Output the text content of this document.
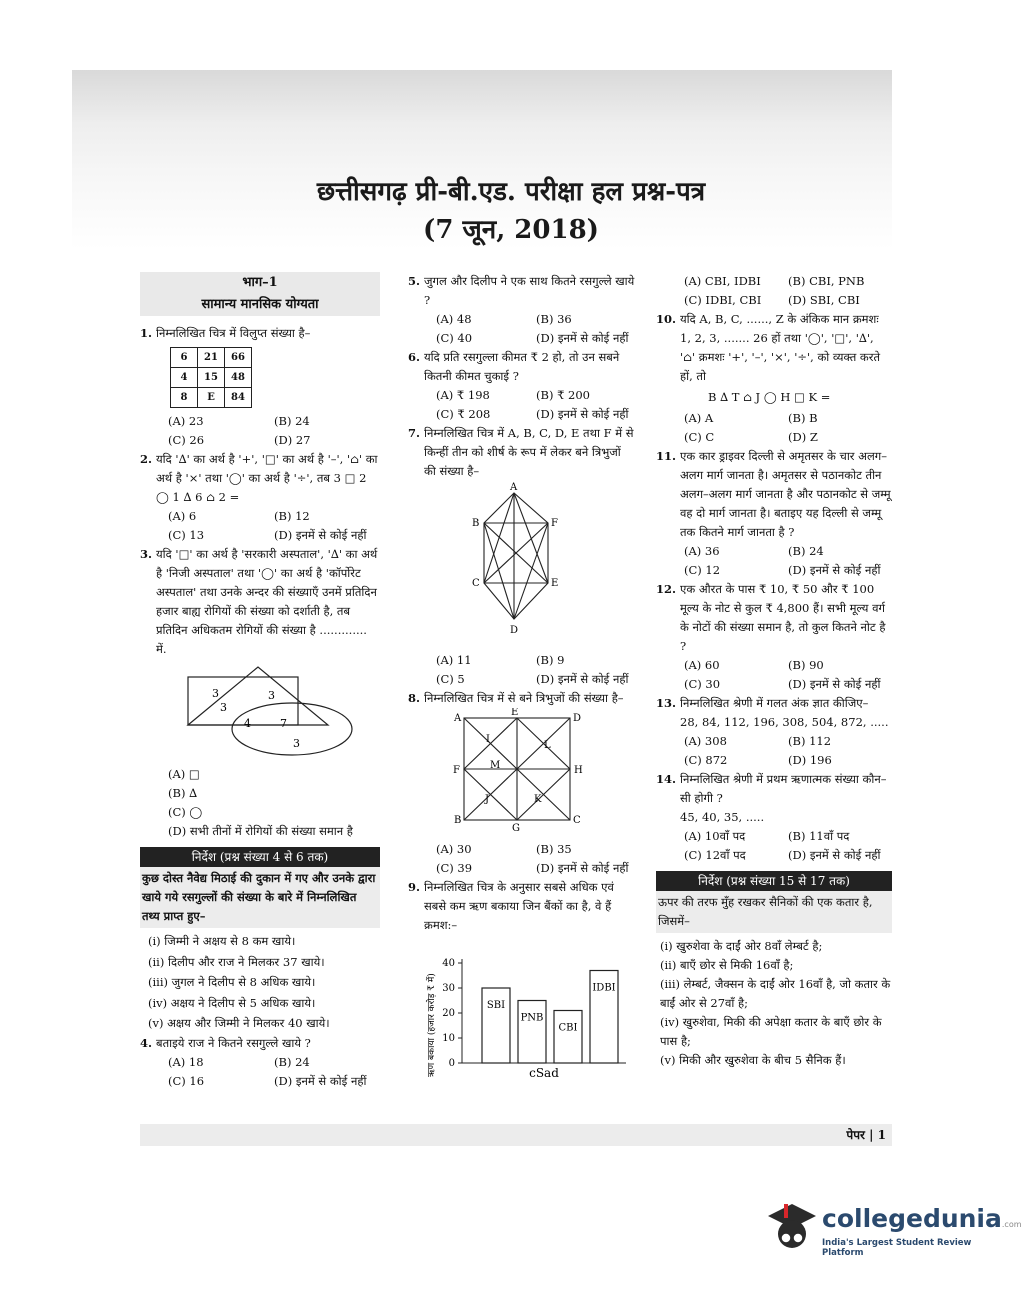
छत्तीसगढ़ प्री-बी.एड. परीक्षा हल प्रश्न-पत्र
(7 जून, 2018)
भाग–1
सामान्य मानसिक योग्यता
1. निम्नलिखित चित्र में विलुप्त संख्या है–
6	21	66
4	15	48
8	E	84
(A) 23	(B) 24
(C) 26	(D) 27
2. यदि '∆' का अर्थ है '+', '□' का अर्थ है '–', '⌂' का अर्थ है '×' तथा '◯' का अर्थ है '÷', तब 3 □ 2 ◯ 1 ∆ 6 ⌂ 2 =
(A) 6	(B) 12
(C) 13	(D) इनमें से कोई नहीं
3. यदि '□' का अर्थ है 'सरकारी अस्पताल', '∆' का अर्थ है 'निजी अस्पताल' तथा '◯' का अर्थ है 'कॉर्पोरेट अस्पताल' तथा उनके अन्दर की संख्याएँ उनमें प्रतिदिन हजार बाह्य रोगियों की संख्या को दर्शाती है, तब प्रतिदिन अधिकतम रोगियों की संख्या है ............. में.
3
3
3
4	7
3
(A) □
(B) ∆
(C) ◯
(D) सभी तीनों में रोगियों की संख्या समान है
निर्देश (प्रश्न संख्या 4 से 6 तक)
कुछ दोस्त नैवेद्य मिठाई की दुकान में गए और उनके द्वारा खाये गये रसगुल्लों की संख्या के बारे में निम्नलिखित तथ्य प्राप्त हुए–
(i) जिम्मी ने अक्षय से 8 कम खाये।
(ii) दिलीप और राज ने मिलकर 37 खाये।
(iii) जुगल ने दिलीप से 8 अधिक खाये।
(iv) अक्षय ने दिलीप से 5 अधिक खाये।
(v) अक्षय और जिम्मी ने मिलकर 40 खाये।
4. बताइये राज ने कितने रसगुल्ले खाये ?
(A) 18	(B) 24
(C) 16	(D) इनमें से कोई नहीं
5. जुगल और दिलीप ने एक साथ कितने रसगुल्ले खाये ?
(A) 48	(B) 36
(C) 40	(D) इनमें से कोई नहीं
6. यदि प्रति रसगुल्ला कीमत ₹ 2 हो, तो उन सबने कितनी कीमत चुकाई ?
(A) ₹ 198	(B) ₹ 200
(C) ₹ 208	(D) इनमें से कोई नहीं
7. निम्नलिखित चित्र में A, B, C, D, E तथा F में से किन्हीं तीन को शीर्ष के रूप में लेकर बने त्रिभुजों की संख्या है–
A
B	F
C	E
D
(A) 11	(B) 9
(C) 5	(D) इनमें से कोई नहीं
8. निम्नलिखित चित्र में से बने त्रिभुजों की संख्या है–
A
E
D
I
L
F	M	H
J	K
B
G
C
(A) 30	(B) 35
(C) 39	(D) इनमें से कोई नहीं
9. निम्नलिखित चित्र के अनुसार सबसे अधिक एवं सबसे कम ऋण बकाया जिन बैंकों का है, वे हैं क्रमश:–
ऋण बकाया (हजार करोड़ ₹ में) 0
10
20
30
40
SBI
PNB
CBI
IDBI
cSad
(A) CBI, IDBI	(B) CBI, PNB
(C) IDBI, CBI	(D) SBI, CBI
10. यदि A, B, C, ......, Z के अंकिक मान क्रमशः 1, 2, 3, ....... 26 हों तथा '◯', '□', '∆', '⌂' क्रमशः '+', '–', '×', '÷', को व्यक्त करते हों, तो
B ∆ T ⌂ J ◯ H □ K =
(A) A	(B) B
(C) C	(D) Z
11. एक कार ड्राइवर दिल्ली से अमृतसर के चार अलग–अलग मार्ग जानता है। अमृतसर से पठानकोट तीन अलग–अलग मार्ग जानता है और पठानकोट से जम्मू वह दो मार्ग जानता है। बताइए यह दिल्ली से जम्मू तक कितने मार्ग जानता है ?
(A) 36	(B) 24
(C) 12	(D) इनमें से कोई नहीं
12. एक औरत के पास ₹ 10, ₹ 50 और ₹ 100 मूल्य के नोट से कुल ₹ 4,800 हैं। सभी मूल्य वर्ग के नोटों की संख्या समान है, तो कुल कितने नोट है ?
(A) 60	(B) 90
(C) 30	(D) इनमें से कोई नहीं
13. निम्नलिखित श्रेणी में गलत अंक ज्ञात कीजिए–
28, 84, 112, 196, 308, 504, 872, .....
(A) 308	(B) 112
(C) 872	(D) 196
14. निम्नलिखित श्रेणी में प्रथम ऋणात्मक संख्या कौन–सी होगी ?
45, 40, 35, .....
(A) 10वाँ पद	(B) 11वाँ पद
(C) 12वाँ पद	(D) इनमें से कोई नहीं
निर्देश (प्रश्न संख्या 15 से 17 तक)
ऊपर की तरफ मुँह रखकर सैनिकों की एक कतार है, जिसमें–
(i) खुरुशेवा के दाईं ओर 8वाँ लेम्बर्ट है;
(ii) बाएँ छोर से मिकी 16वाँ है;
(iii) लेम्बर्ट, जैक्सन के दाईं ओर 16वाँ है, जो कतार के बाईं ओर से 27वाँ है;
(iv) खुरुशेवा, मिकी की अपेक्षा कतार के बाएँ छोर के पास है;
(v) मिकी और खुरुशेवा के बीच 5 सैनिक हैं।
पेपर | 1
collegedunia.com
India's Largest Student Review Platform
